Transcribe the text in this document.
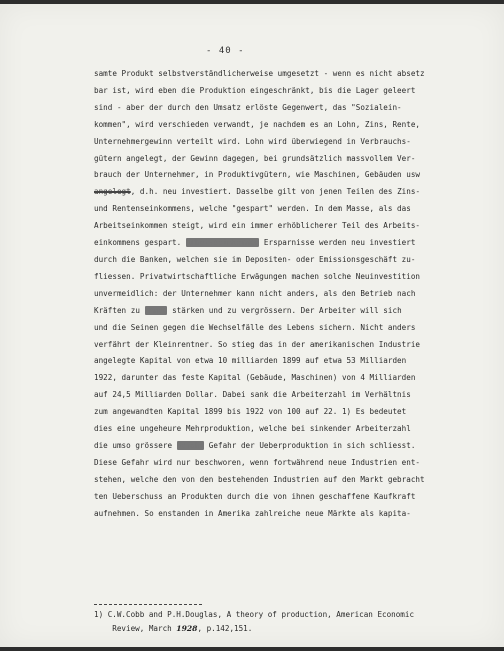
- 40 -
samte Produkt selbstverständlicherweise umgesetzt - wenn es nicht absetz
bar ist, wird eben die Produktion eingeschränkt, bis die Lager geleert
sind - aber der durch den Umsatz erlöste Gegenwert, das "Sozialein-
kommen", wird verschieden verwandt, je nachdem es an Lohn, Zins, Rente,
Unternehmergewinn verteilt wird. Lohn wird überwiegend in Verbrauchs-
gütern angelegt, der Gewinn dagegen, bei grundsätzlich massvollem Ver-
brauch der Unternehmer, in Produktivgütern, wie Maschinen, Gebäuden usw
angelegt, d.h. neu investiert. Dasselbe gilt von jenen Teilen des Zins-
und Rentenseinkommens, welche "gespart" werden. In dem Masse, als das
Arbeitseinkommen steigt, wird ein immer erhöblicherer Teil des Arbeits-
einkommens gespart. Arbeitseinkommen Ersparnisse werden neu investiert
durch die Banken, welchen sie im Depositen- oder Emissionsgeschäft zu-
fliessen. Privatwirtschaftliche Erwägungen machen solche Neuinvestition
unvermeidlich: der Unternehmer kann nicht anders, als den Betrieb nach
Kräften zu ihnen stärken und zu vergrössern. Der Arbeiter will sich
und die Seinen gegen die Wechselfälle des Lebens sichern. Nicht anders
verfährt der Kleinrentner. So stieg das in der amerikanischen Industrie
angelegte Kapital von etwa 10 milliarden 1899 auf etwa 53 Milliarden
1922, darunter das feste Kapital (Gebäude, Maschinen) von 4 Milliarden
auf 24,5 Milliarden Dollar. Dabei sank die Arbeiterzahl im Verhältnis
zum angewandten Kapital 1899 bis 1922 von 100 auf 22. 1) Es bedeutet
dies eine ungeheure Mehrproduktion, welche bei sinkender Arbeiterzahl
die umso grössere Gefahr Gefahr der Ueberproduktion in sich schliesst.
Diese Gefahr wird nur beschworen, wenn fortwährend neue Industrien ent-
stehen, welche den von den bestehenden Industrien auf den Markt gebracht
ten Ueberschuss an Produkten durch die von ihnen geschaffene Kaufkraft
aufnehmen. So enstanden in Amerika zahlreiche neue Märkte als kapita-
1) C.W.Cobb and P.H.Douglas, A theory of production, American Economic
Review, March 1928, p.142,151.
